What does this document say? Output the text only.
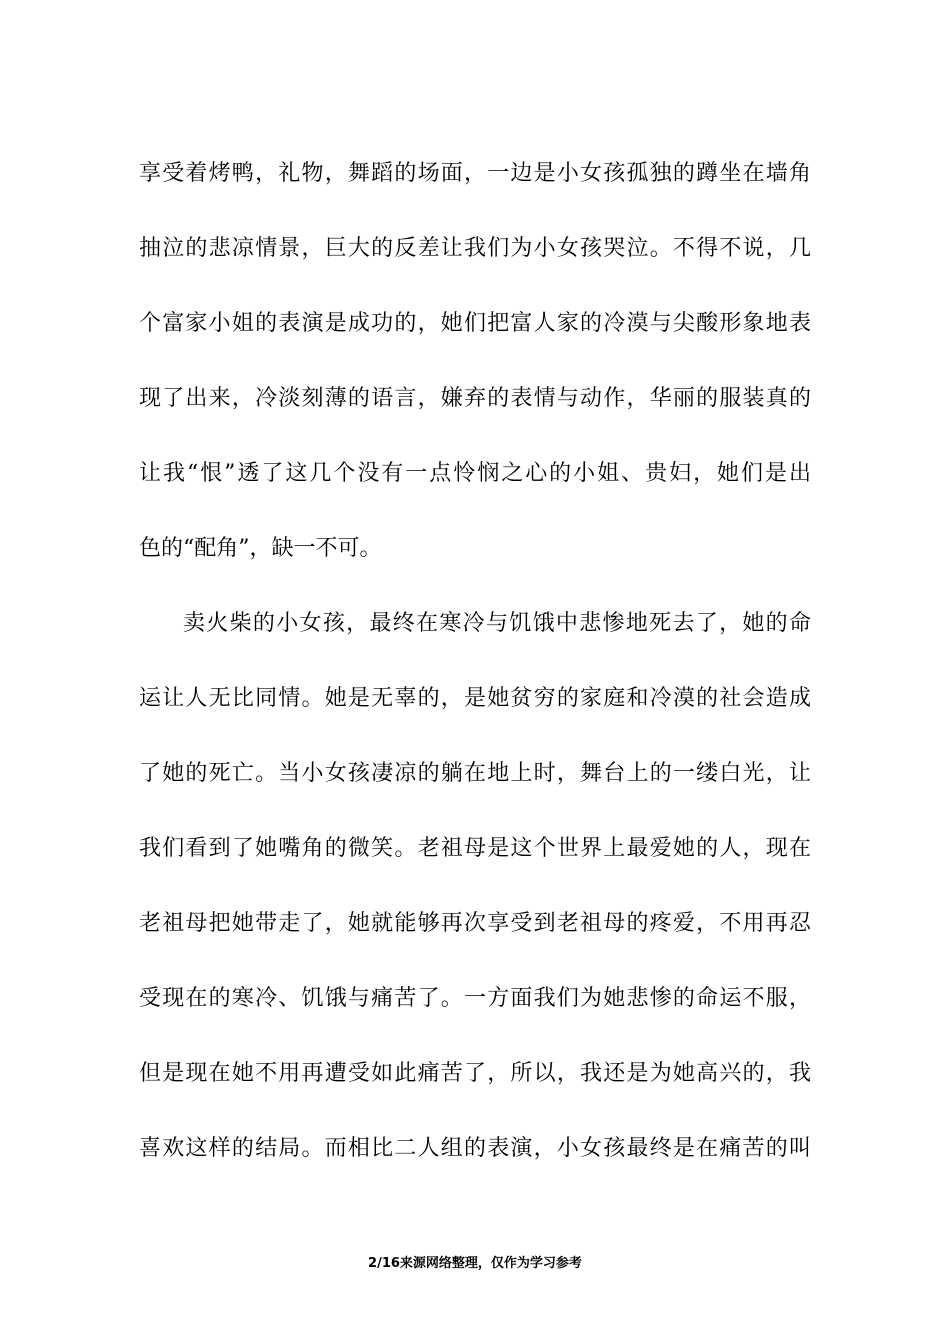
享受着烤鸭，礼物，舞蹈的场面，一边是小女孩孤独的蹲坐在墙角
抽泣的悲凉情景，巨大的反差让我们为小女孩哭泣。不得不说，几
个富家小姐的表演是成功的，她们把富人家的冷漠与尖酸形象地表
现了出来，冷淡刻薄的语言，嫌弃的表情与动作，华丽的服装真的
让我“恨”透了这几个没有一点怜悯之心的小姐、贵妇，她们是出
色的“配角”，缺一不可。
卖火柴的小女孩，最终在寒冷与饥饿中悲惨地死去了，她的命
运让人无比同情。她是无辜的，是她贫穷的家庭和冷漠的社会造成
了她的死亡。当小女孩凄凉的躺在地上时，舞台上的一缕白光，让
我们看到了她嘴角的微笑。老祖母是这个世界上最爱她的人，现在
老祖母把她带走了，她就能够再次享受到老祖母的疼爱，不用再忍
受现在的寒冷、饥饿与痛苦了。一方面我们为她悲惨的命运不服，
但是现在她不用再遭受如此痛苦了，所以，我还是为她高兴的，我
喜欢这样的结局。而相比二人组的表演，小女孩最终是在痛苦的叫
2/16来源网络整理，仅作为学习参考
